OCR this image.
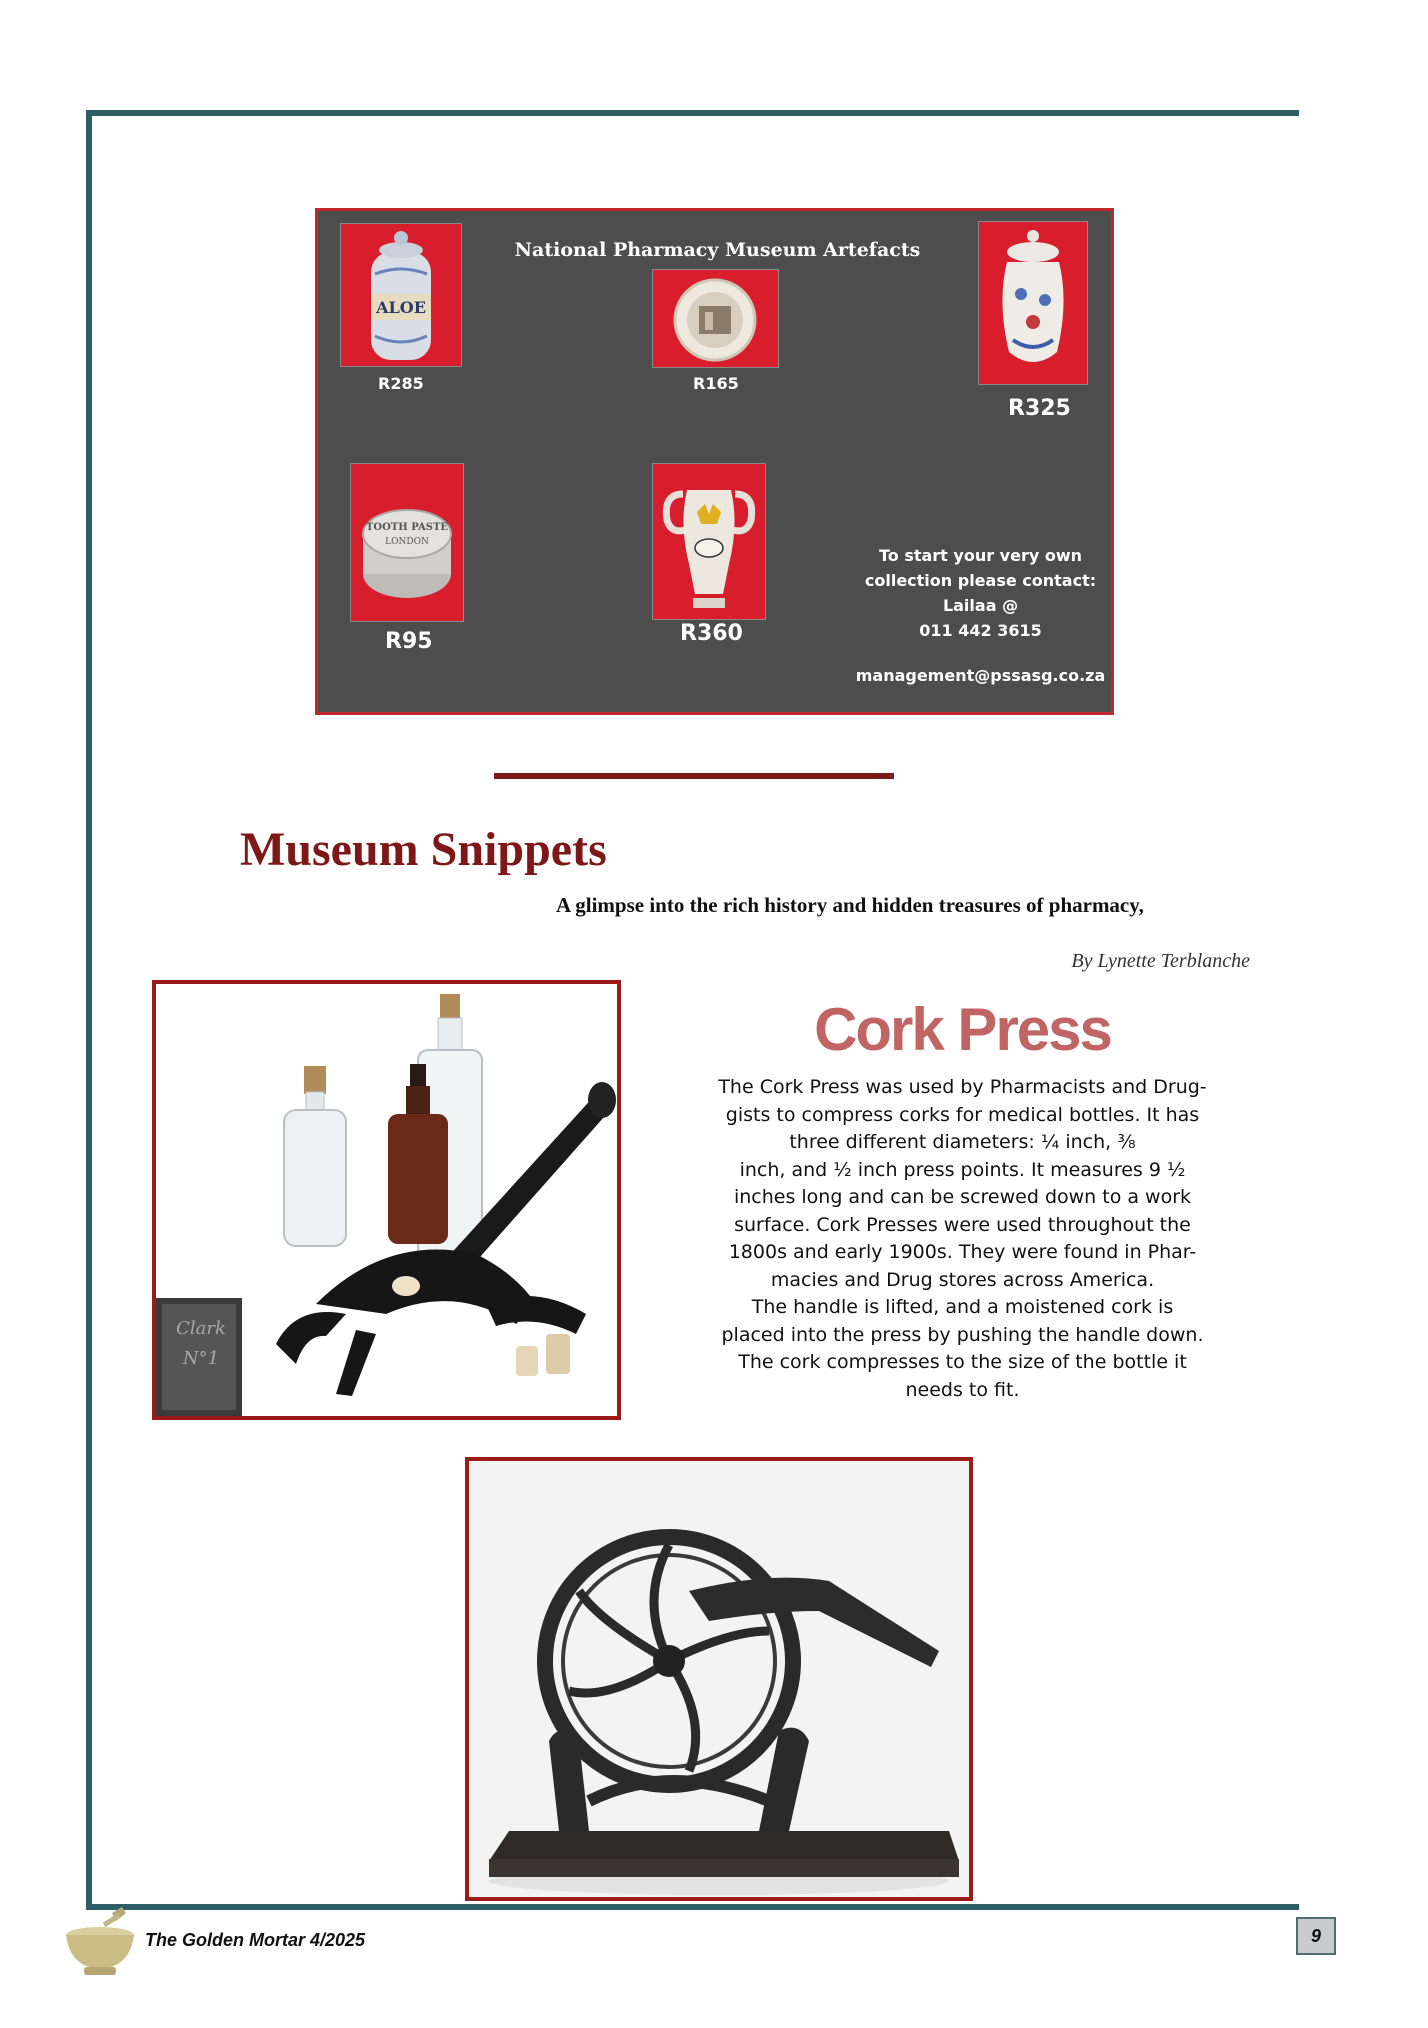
National Pharmacy Museum Artefacts
ALOE
R285	R165
R325
TOOTH PASTE
LONDON
R95	R360
To start your very own
collection please contact:
Lailaa @
011 442 3615
management@pssasg.co.za
Museum Snippets
A glimpse into the rich history and hidden treasures of pharmacy,
By Lynette Terblanche
Clark N°1
Cork Press

The Cork Press was used by Pharmacists and Drug-
gists to compress corks for medical bottles. It has
three different diameters: ¼ inch, ³⁄₈
inch, and ½ inch press points. It measures 9 ½
inches long and can be screwed down to a work
surface. Cork Presses were used throughout the
1800s and early 1900s. They were found in Phar-
macies and Drug stores across America.

The handle is lifted, and a moistened cork is
placed into the press by pushing the handle down.
The cork compresses to the size of the bottle it
needs to fit.

The Golden Mortar 4/2025	9
